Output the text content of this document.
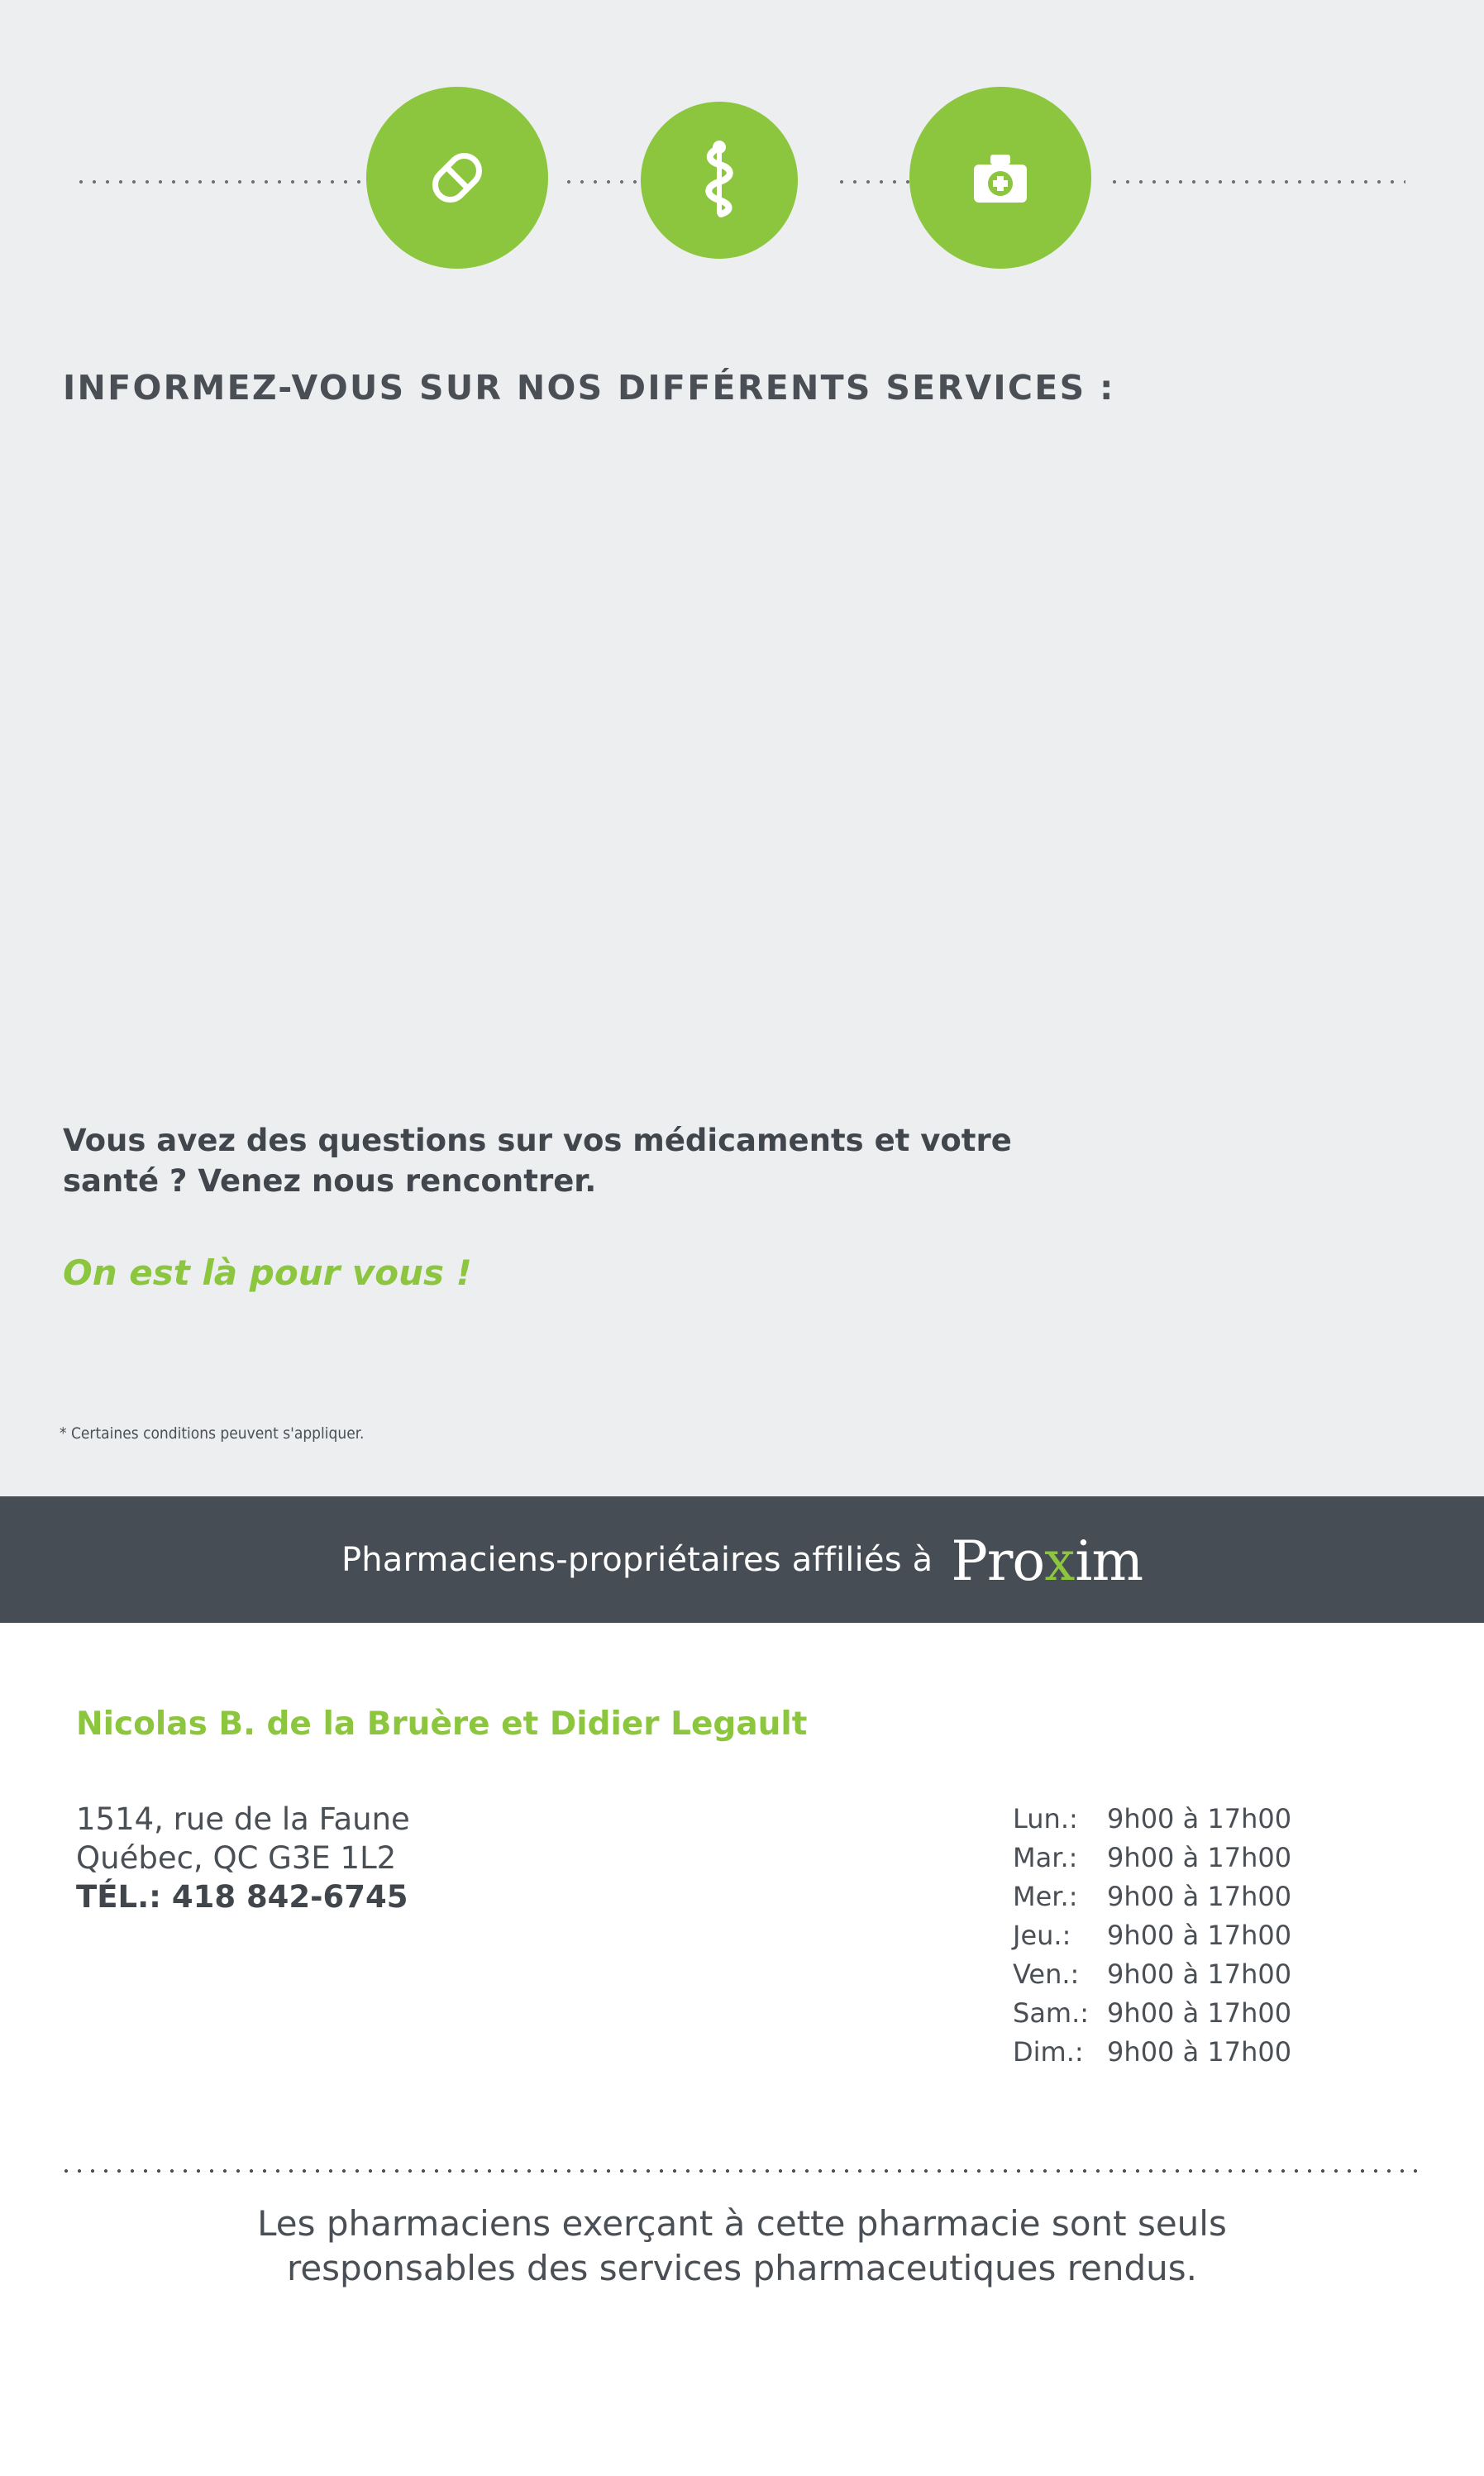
INFORMEZ-VOUS SUR NOS DIFFÉRENTS SERVICES :
Vous avez des questions sur vos médicaments et votre
santé ? Venez nous rencontrer.
On est là pour vous !
* Certaines conditions peuvent s'appliquer.
Pharmaciens-propriétaires affiliés à Pro x im
Nicolas B. de la Bruère et Didier Legault
1514, rue de la Faune
Québec, QC G3E 1L2
TÉL.: 418 842-6745
Lun.:	9h00 à 17h00
Mar.:	9h00 à 17h00
Mer.:	9h00 à 17h00
Jeu.:	9h00 à 17h00
Ven.:	9h00 à 17h00
Sam.:	9h00 à 17h00
Dim.:	9h00 à 17h00
Les pharmaciens exerçant à cette pharmacie sont seuls
responsables des services pharmaceutiques rendus.
